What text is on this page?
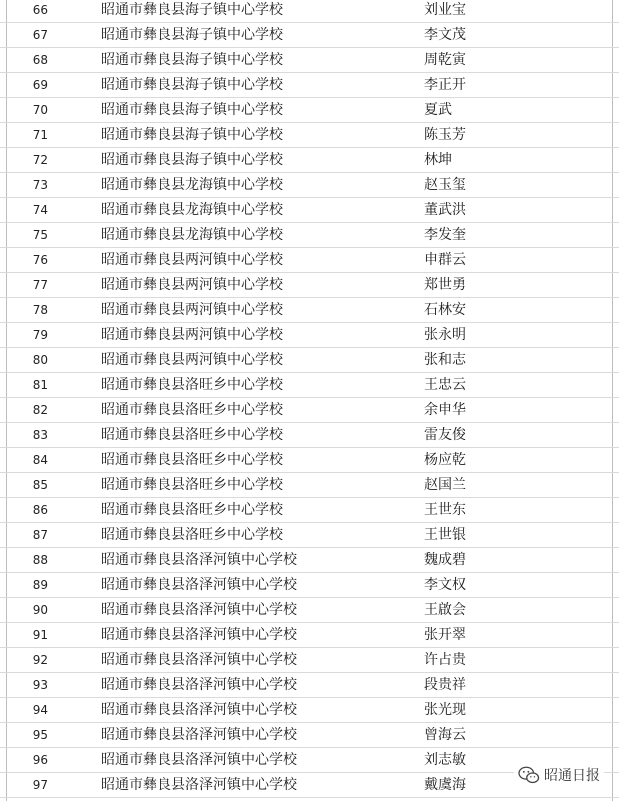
66	昭通市彝良县海子镇中心学校	刘业宝
67	昭通市彝良县海子镇中心学校	李文茂
68	昭通市彝良县海子镇中心学校	周乾寅
69	昭通市彝良县海子镇中心学校	李正开
70	昭通市彝良县海子镇中心学校	夏武
71	昭通市彝良县海子镇中心学校	陈玉芳
72	昭通市彝良县海子镇中心学校	林坤
73	昭通市彝良县龙海镇中心学校	赵玉玺
74	昭通市彝良县龙海镇中心学校	董武洪
75	昭通市彝良县龙海镇中心学校	李发奎
76	昭通市彝良县两河镇中心学校	申群云
77	昭通市彝良县两河镇中心学校	郑世勇
78	昭通市彝良县两河镇中心学校	石林安
79	昭通市彝良县两河镇中心学校	张永明
80	昭通市彝良县两河镇中心学校	张和志
81	昭通市彝良县洛旺乡中心学校	王忠云
82	昭通市彝良县洛旺乡中心学校	余申华
83	昭通市彝良县洛旺乡中心学校	雷友俊
84	昭通市彝良县洛旺乡中心学校	杨应乾
85	昭通市彝良县洛旺乡中心学校	赵国兰
86	昭通市彝良县洛旺乡中心学校	王世东
87	昭通市彝良县洛旺乡中心学校	王世银
88	昭通市彝良县洛泽河镇中心学校	魏成碧
89	昭通市彝良县洛泽河镇中心学校	李文权
90	昭通市彝良县洛泽河镇中心学校	王啟会
91	昭通市彝良县洛泽河镇中心学校	张开翠
92	昭通市彝良县洛泽河镇中心学校	许占贵
93	昭通市彝良县洛泽河镇中心学校	段贵祥
94	昭通市彝良县洛泽河镇中心学校	张光现
95	昭通市彝良县洛泽河镇中心学校	曾海云
96	昭通市彝良县洛泽河镇中心学校	刘志敏
97	昭通市彝良县洛泽河镇中心学校	戴虞海
昭通日报
